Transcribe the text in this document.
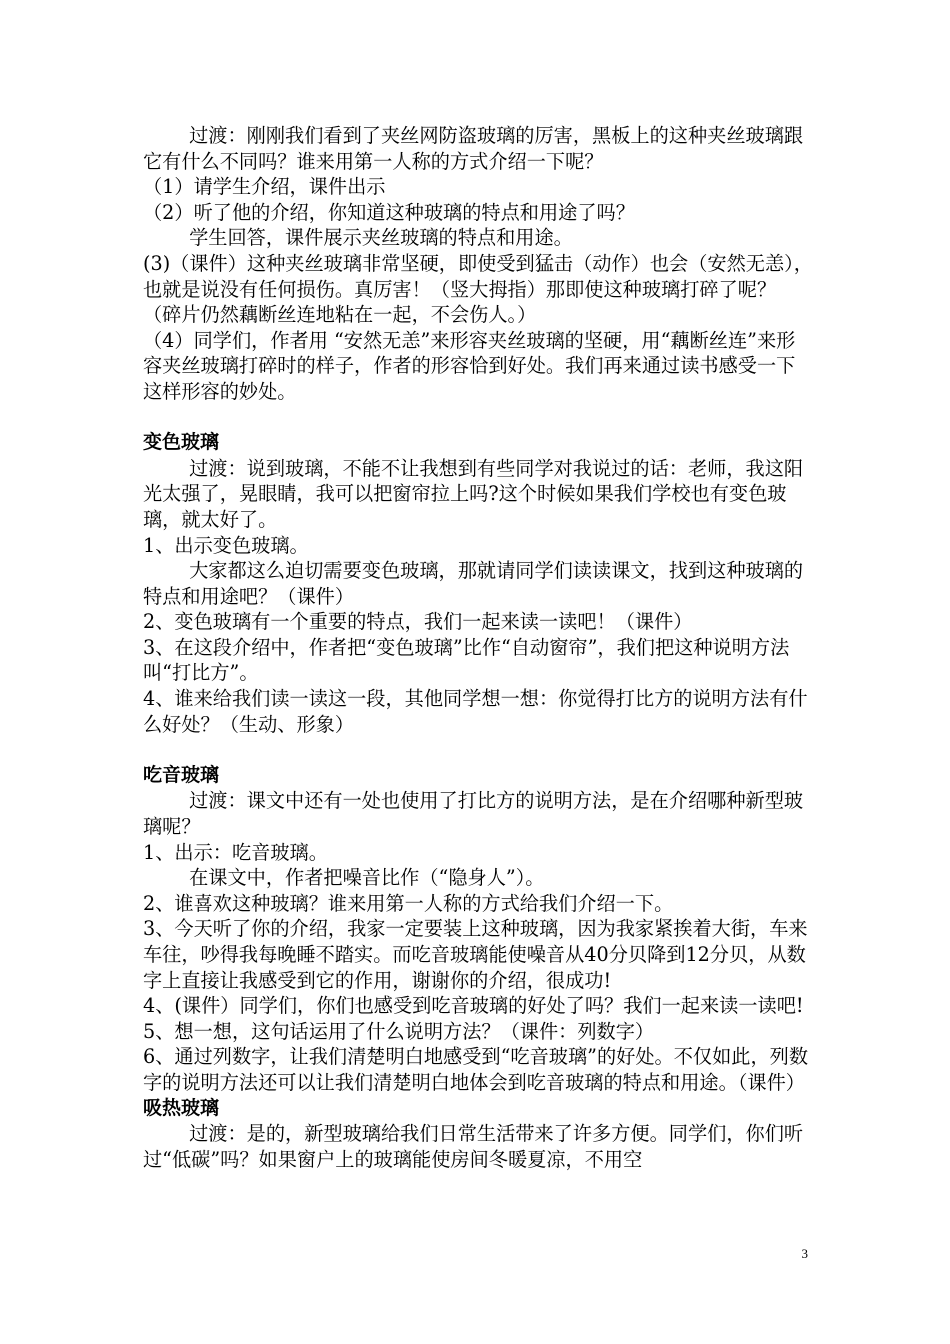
过渡：刚刚我们看到了夹丝网防盗玻璃的厉害，黑板上的这种夹丝玻璃跟它有什么不同吗？谁来用第一人称的方式介绍一下呢？

（1）请学生介绍，课件出示

（2）听了他的介绍，你知道这种玻璃的特点和用途了吗？

学生回答，课件展示夹丝玻璃的特点和用途。

(3)（课件）这种夹丝玻璃非常坚硬，即使受到猛击（动作）也会（安然无恙），也就是说没有任何损伤。真厉害！（竖大拇指）那即使这种玻璃打碎了呢？（碎片仍然藕断丝连地粘在一起，不会伤人。）

（4）同学们，作者用 “安然无恙”来形容夹丝玻璃的坚硬，用“藕断丝连”来形容夹丝玻璃打碎时的样子，作者的形容恰到好处。我们再来通过读书感受一下这样形容的妙处。

变色玻璃

过渡：说到玻璃，不能不让我想到有些同学对我说过的话：老师，我这阳光太强了，晃眼睛，我可以把窗帘拉上吗?这个时候如果我们学校也有变色玻璃，就太好了。

1、出示变色玻璃。

大家都这么迫切需要变色玻璃，那就请同学们读读课文，找到这种玻璃的特点和用途吧？（课件）

2、变色玻璃有一个重要的特点，我们一起来读一读吧！（课件）

3、在这段介绍中，作者把“变色玻璃”比作“自动窗帘”，我们把这种说明方法叫“打比方”。

4、谁来给我们读一读这一段，其他同学想一想：你觉得打比方的说明方法有什么好处？（生动、形象）

吃音玻璃

过渡：课文中还有一处也使用了打比方的说明方法，是在介绍哪种新型玻璃呢？

1、出示：吃音玻璃。

在课文中，作者把噪音比作（“隐身人”）。

2、谁喜欢这种玻璃？谁来用第一人称的方式给我们介绍一下。

3、今天听了你的介绍，我家一定要装上这种玻璃，因为我家紧挨着大街，车来车往，吵得我每晚睡不踏实。而吃音玻璃能使噪音从40分贝降到12分贝，从数字上直接让我感受到它的作用，谢谢你的介绍，很成功!

4、(课件）同学们，你们也感受到吃音玻璃的好处了吗？我们一起来读一读吧!

5、想一想，这句话运用了什么说明方法？（课件：列数字）

6、通过列数字，让我们清楚明白地感受到“吃音玻璃”的好处。不仅如此，列数字的说明方法还可以让我们清楚明白地体会到吃音玻璃的特点和用途。（课件）

吸热玻璃

过渡：是的，新型玻璃给我们日常生活带来了许多方便。同学们，你们听过“低碳”吗？如果窗户上的玻璃能使房间冬暖夏凉，不用空

3
